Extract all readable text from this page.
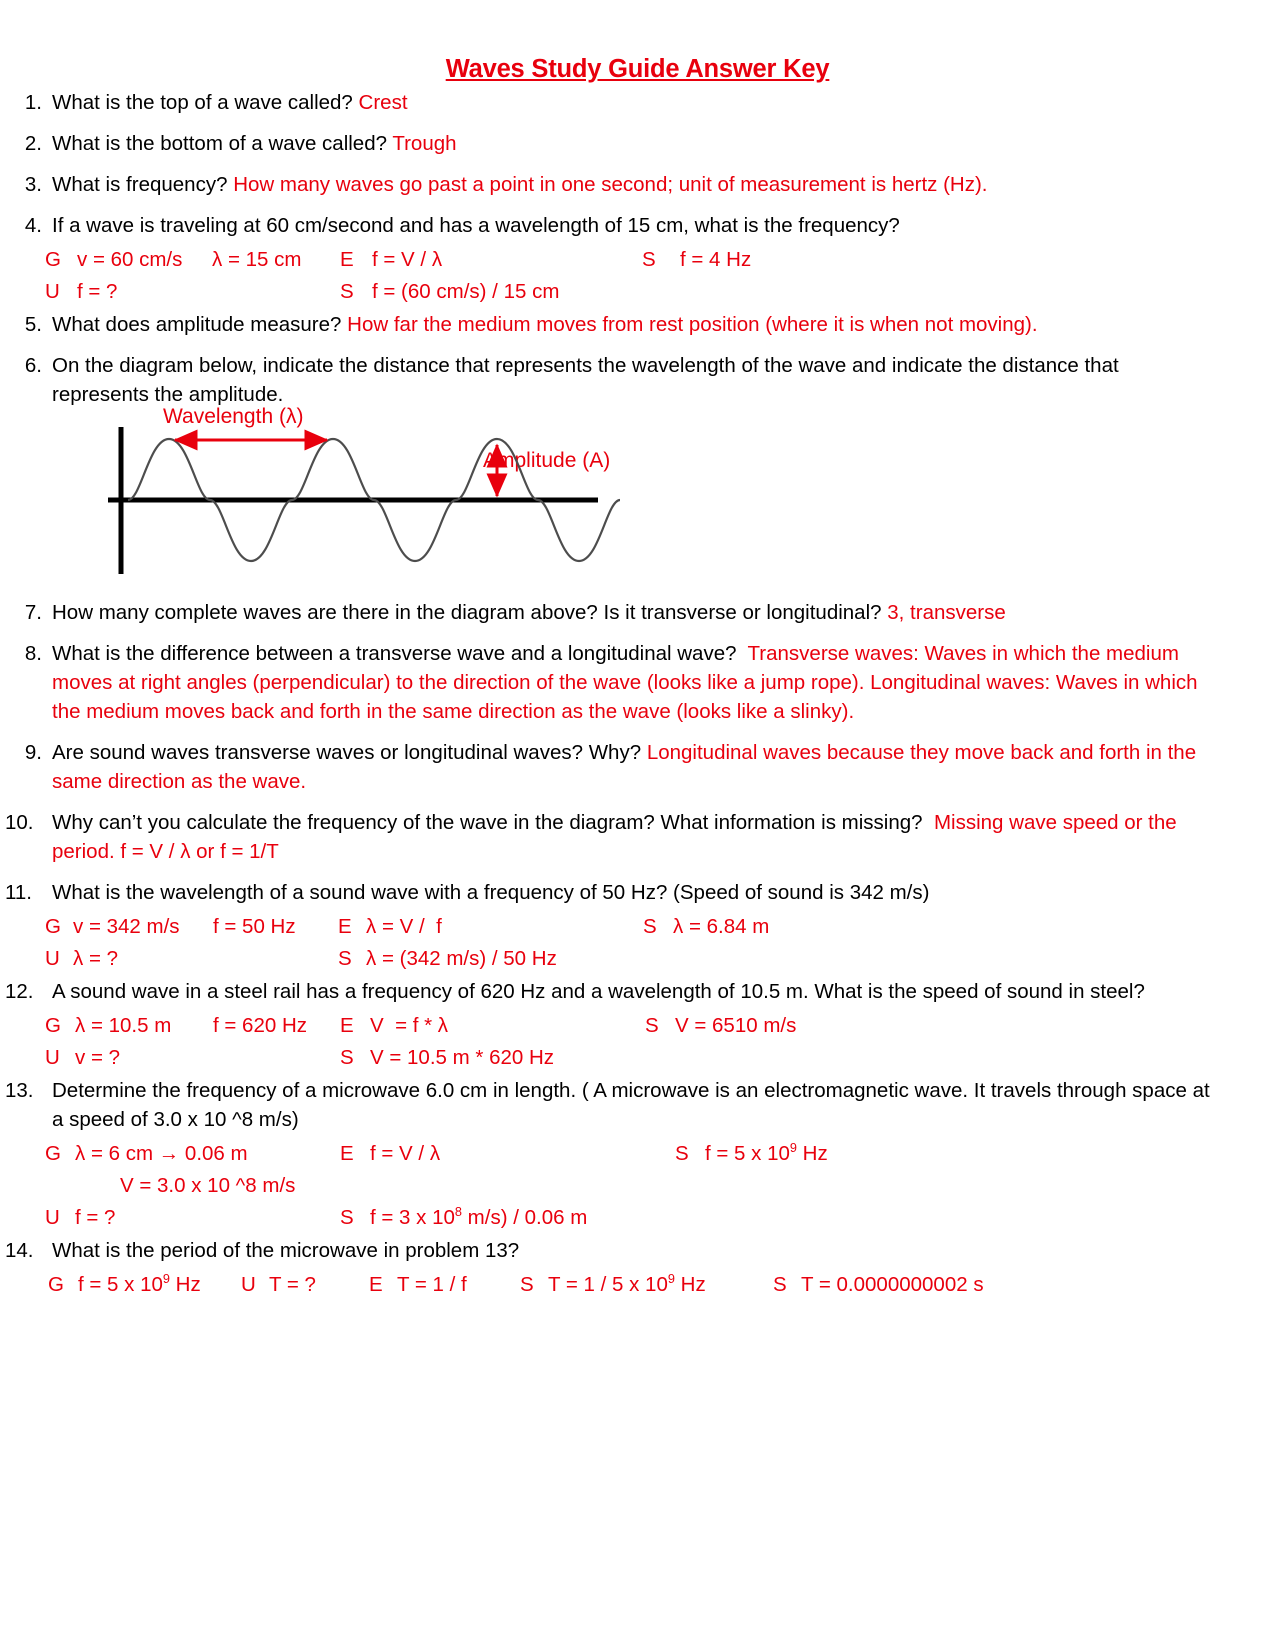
Waves Study Guide Answer Key
1. What is the top of a wave called? Crest
2. What is the bottom of a wave called? Trough
3. What is frequency? How many waves go past a point in one second; unit of measurement is hertz (Hz).
4. If a wave is traveling at 60 cm/second and has a wavelength of 15 cm, what is the frequency?
G v = 60 cm/s	λ = 15 cm	E f = V / λ	S	f = 4 Hz
U f = ?	S f = (60 cm/s) / 15 cm
5. What does amplitude measure? How far the medium moves from rest position (where it is when not moving).
6. On the diagram below, indicate the distance that represents the wavelength of the wave and indicate the distance that represents the amplitude.
Wavelength (λ)
Amplitude (A)
7. How many complete waves are there in the diagram above? Is it transverse or longitudinal? 3, transverse
8. What is the difference between a transverse wave and a longitudinal wave? Transverse waves: Waves in which the medium moves at right angles (perpendicular) to the direction of the wave (looks like a jump rope). Longitudinal waves: Waves in which the medium moves back and forth in the same direction as the wave (looks like a slinky).
9. Are sound waves transverse waves or longitudinal waves? Why? Longitudinal waves because they move back and forth in the same direction as the wave.
10. Why can’t you calculate the frequency of the wave in the diagram? What information is missing? Missing wave speed or the period. f = V / λ or f = 1/T
11. What is the wavelength of a sound wave with a frequency of 50 Hz? (Speed of sound is 342 m/s)
G v = 342 m/s	f = 50 Hz	E λ = V /  f	S λ = 6.84 m
U λ = ?	S λ = (342 m/s) / 50 Hz
12. A sound wave in a steel rail has a frequency of 620 Hz and a wavelength of 10.5 m. What is the speed of sound in steel?
G λ = 10.5 m	f = 620 Hz	E V  = f * λ	S V = 6510 m/s
U v = ?	S V = 10.5 m * 620 Hz
13. Determine the frequency of a microwave 6.0 cm in length. ( A microwave is an electromagnetic wave. It travels through space at a speed of 3.0 x 10 ^8 m/s)
G λ = 6 cm → 0.06 m	E f = V / λ	S f = 5 x $10^9$ Hz
V = 3.0 x 10 ^8 m/s
U f = ?	S f = 3 x $10^8$ m/s) / 0.06 m
14. What is the period of the microwave in problem 13?
G f = 5 x $10^9$ Hz	U T = ?	E T = 1 / f	S T = 1 / 5 x $10^9$ Hz	S T = 0.0000000002 s
